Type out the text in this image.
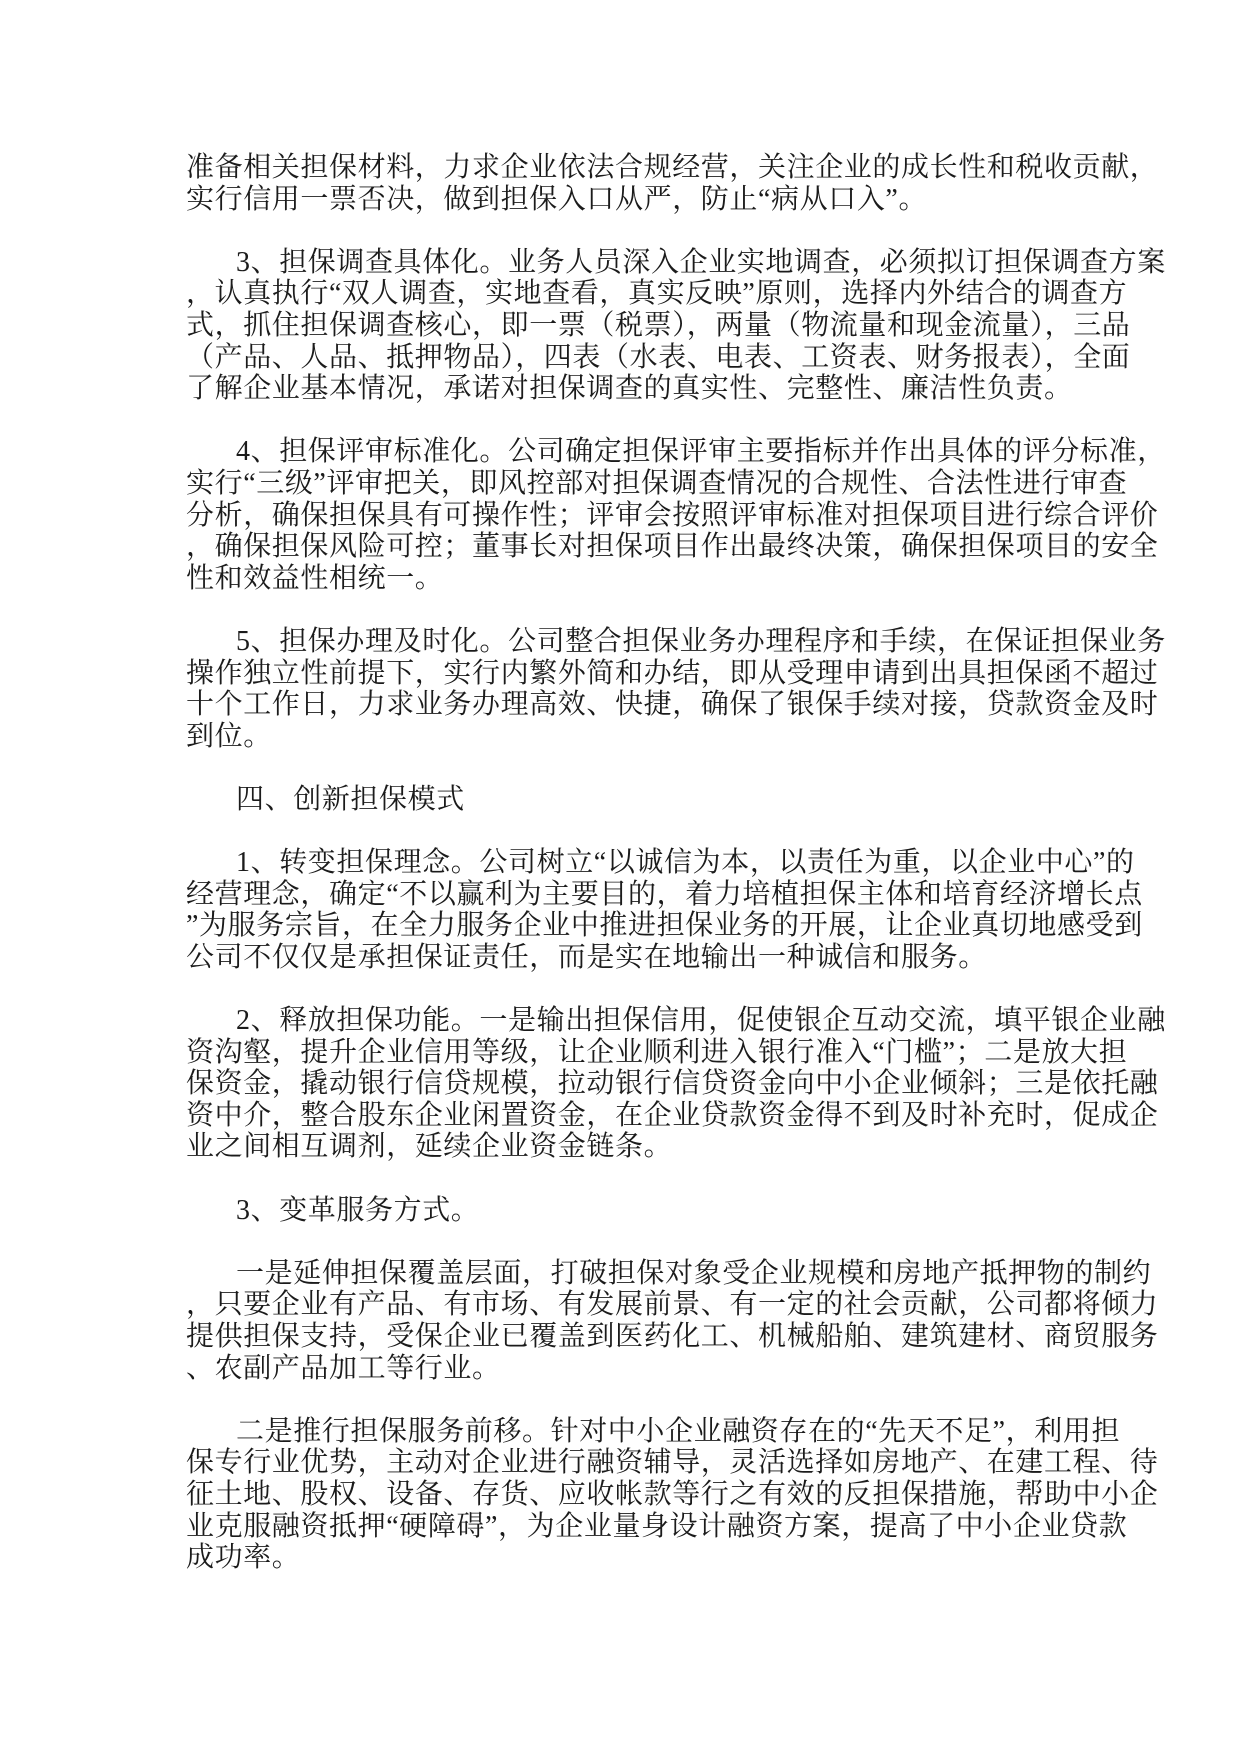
准备相关担保材料，力求企业依法合规经营，关注企业的成长性和税收贡献，
实行信用一票否决，做到担保入口从严，防止“病从口入”。
3、担保调查具体化。业务人员深入企业实地调查，必须拟订担保调查方案
，认真执行“双人调查，实地查看，真实反映”原则，选择内外结合的调查方
式，抓住担保调查核心，即一票（税票），两量（物流量和现金流量），三品
（产品、人品、抵押物品），四表（水表、电表、工资表、财务报表），全面
了解企业基本情况，承诺对担保调查的真实性、完整性、廉洁性负责。
4、担保评审标准化。公司确定担保评审主要指标并作出具体的评分标准，
实行“三级”评审把关，即风控部对担保调查情况的合规性、合法性进行审查
分析，确保担保具有可操作性；评审会按照评审标准对担保项目进行综合评价
，确保担保风险可控；董事长对担保项目作出最终决策，确保担保项目的安全
性和效益性相统一。
5、担保办理及时化。公司整合担保业务办理程序和手续，在保证担保业务
操作独立性前提下，实行内繁外简和办结，即从受理申请到出具担保函不超过
十个工作日，力求业务办理高效、快捷，确保了银保手续对接，贷款资金及时
到位。
四、创新担保模式
1、转变担保理念。公司树立“以诚信为本，以责任为重，以企业中心”的
经营理念，确定“不以赢利为主要目的，着力培植担保主体和培育经济增长点
”为服务宗旨，在全力服务企业中推进担保业务的开展，让企业真切地感受到
公司不仅仅是承担保证责任，而是实在地输出一种诚信和服务。
2、释放担保功能。一是输出担保信用，促使银企互动交流，填平银企业融
资沟壑，提升企业信用等级，让企业顺利进入银行准入“门槛”；二是放大担
保资金，撬动银行信贷规模，拉动银行信贷资金向中小企业倾斜；三是依托融
资中介，整合股东企业闲置资金，在企业贷款资金得不到及时补充时，促成企
业之间相互调剂，延续企业资金链条。
3、变革服务方式。
一是延伸担保覆盖层面，打破担保对象受企业规模和房地产抵押物的制约
，只要企业有产品、有市场、有发展前景、有一定的社会贡献，公司都将倾力
提供担保支持，受保企业已覆盖到医药化工、机械船舶、建筑建材、商贸服务
、农副产品加工等行业。
二是推行担保服务前移。针对中小企业融资存在的“先天不足”，利用担
保专行业优势，主动对企业进行融资辅导，灵活选择如房地产、在建工程、待
征土地、股权、设备、存货、应收帐款等行之有效的反担保措施，帮助中小企
业克服融资抵押“硬障碍”，为企业量身设计融资方案，提高了中小企业贷款
成功率。
